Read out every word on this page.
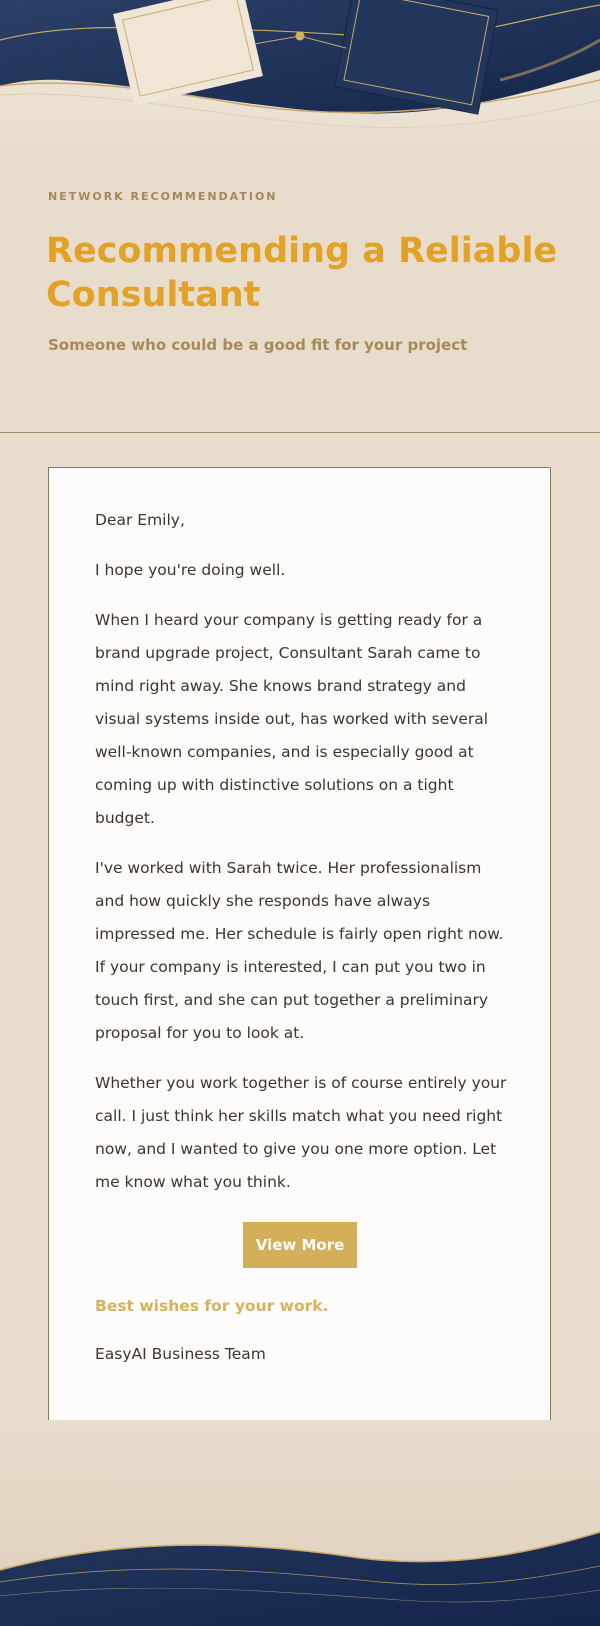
NETWORK RECOMMENDATION
Recommending a Reliable
Consultant
Someone who could be a good fit for your project

Dear Emily,

I hope you're doing well.

When I heard your company is getting ready for a brand upgrade project, Consultant Sarah came to mind right away. She knows brand strategy and visual systems inside out, has worked with several well-known companies, and is especially good at coming up with distinctive solutions on a tight budget.

I've worked with Sarah twice. Her professionalism and how quickly she responds have always impressed me. Her schedule is fairly open right now. If your company is interested, I can put you two in touch first, and she can put together a preliminary proposal for you to look at.

Whether you work together is of course entirely your call. I just think her skills match what you need right now, and I wanted to give you one more option. Let me know what you think.

View More
Best wishes for your work.
EasyAI Business Team
